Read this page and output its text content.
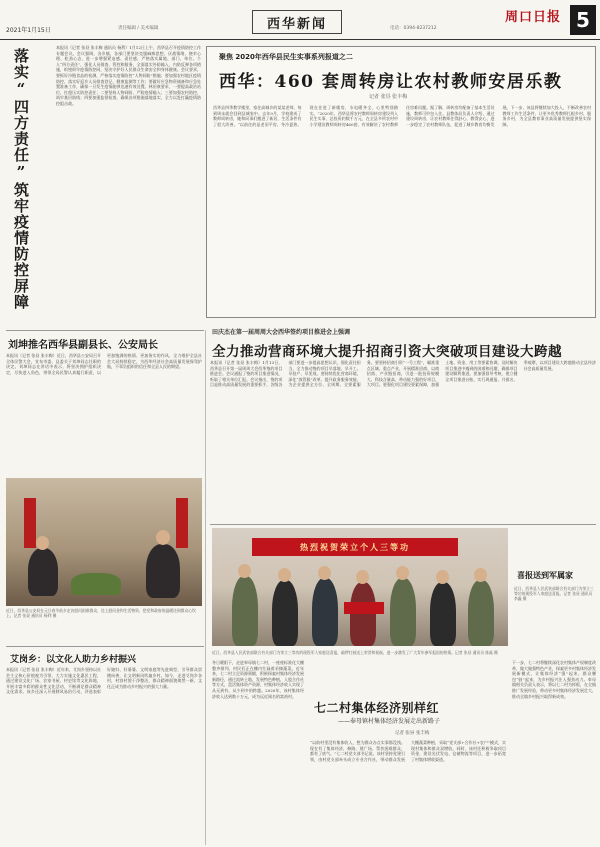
2021年1月15日	责任编辑 / 美术编辑	西华新闻	电话：0394-8237212
周口日报 5
落实“四方责任”筑牢疫情防控屏障
本报讯（记者 张昼 张丰梅 通讯员 杨利）1月12日上午，西华县召开疫情防控工作专题会议。会议强调，各乡镇、各部门要坚决克服麻痹思想、厌战情绪、侥幸心理、松劲心态，进一步增强紧迫感、责任感，严格落实属地、部门、单位、个人“四方责任”，强化人员排查、管控和服务，全面落实外防输入、内防反弹各项措施，织密织牢疫情防控网，坚决守护好人民群众生命安全和身体健康。会议要求，要抓好冷链食品的检测，严格落实疫情防控“人物同防”措施；要加强农村地区疫情防控，落实好返乡人员排查登记、健康监测等工作；要做好应急物资储备和应急处置准备工作，确保一旦发生疫情能够迅速有效处置。林田康要求，一要提高政治站位，扛稳压实防控责任；二要坚持人物同防，严防疫情输入；三要加强农村防控，筑牢基层防线；四要加强监督检查，确保各项措施落地落实，全力以赴打赢疫情防控阻击战。
聚焦 2020年西华县民生实事系列报道之二
西华：460 套周转房让农村教师安居乐教
记者 张昼 张丰梅
西华县四季教学楼里，家住高城乡的某某老师，每到周末就会回到县城家中。去年9月，学校建成了教师周转房，她和同事们搬进了新居，生活条件有了很大改善。“以前住的是老旧平房，冬冷夏热，现在住进了新楼房，水电暖齐全，心里特别踏实。”2020年，西华县将农村教师周转房建设列入民生实事，总投资约数千万元，在全县多所农村中小学建设教师周转房460套，有效解决了农村教师住房难问题。据了解，周转房均配备了基本生活设施，教师可拎包入住。县教体局负责人介绍，通过建设周转房，让农村教师住得舒心、教得安心，进一步稳定了农村教师队伍，促进了城乡教育均衡发展。下一步，该县将继续加大投入，不断改善农村教师工作生活条件，让更多优秀教师扎根乡村、服务乡村，为全县教育事业高质量发展提供坚实保障。
刘坤推名西华县副县长、公安局长
本报讯（记者 张昼 张丰梅）近日，西华县公安局召开全体民警大会，宣布市委、县委关于刘坤同志任职的决定。刘坤同志在讲话中表示，将坚决拥护组织决定，尽快进入角色，带领全局民警认真履行职责，以更加饱满的热情、更加务实的作风，全力维护全县社会大局持续稳定，为西华经济社会高质量发展保驾护航，不辜负组织的信任和全县人民的期望。
近日，西华县公安局在元旦春节前夕走访慰问困难群众，送上慰问金和生活物资，把党和政府的温暖送到群众心坎上。记者 张昼 通讯员 杨利 摄
艾岗乡：以文化人助力乡村振兴
本报讯（记者 张昼 张丰梅）近年来，艾岗乡坚持以社会主义核心价值观为引领，大力实施文化惠民工程，通过建设文化广场、农家书屋、村史馆等文化阵地，开展丰富多彩的群众性文化活动，不断满足群众精神文化需求。该乡还深入开展移风易俗行动，评选表彰好媳妇、好婆婆、文明家庭等先进典型，引导群众崇德向善，让文明新风吹遍乡村。如今，走进艾岗乡各村，村容村貌干净整洁，群众精神面貌焕然一新，文化正成为推动乡村振兴的强大力量。
田庆杰在第一届周周大会西华签约项目推进会上强调
全力推动营商环境大提升招商引资大突破项目建设大跨越
本报讯（记者 张昼 张丰梅）1月13日，西华县召开第一届周周大会西华签约项目推进会。会议通报了签约项目推进情况，听取了相关单位汇报。会议指出，签约项目是推动高质量发展的重要抓手，各级各部门要进一步提高思想认识，强化责任担当，全力推动签约项目早落地、早开工、早投产、早见效。要持续优化营商环境，深化“放管服”改革，提升政务服务效能，为企业提供全方位、全周期、全要素服务。要坚持招商引资“一号工程”，瞄准重点区域、重点产业，开展精准招商、以商招商、产业链招商，引进一批投资规模大、科技含量高、带动能力强的好项目、大项目。要强化项目建设要素保障，加强土地、资金、用工等要素协调，及时解决项目推进中遇到的困难和问题，确保项目建设顺利推进。要加强督导考核，建立健全项目推进台账，实行周通报、月排名、季观摩，以项目建设大跨越推动全县经济社会高质量发展。
热烈祝贺荣立个人三等功
喜报送到军属家
近日，西华县人民武装部联合有关部门为荣立三等功的现役军人家庭送喜报。记者 张昼 通讯员 李鑫 摄
近日，西华县人民武装部联合有关部门为荣立三等功的现役军人家庭送喜报，敲锣打鼓送上荣誉和祝福，进一步激发了广大青年参军报国的热情。记者 张昼 通讯员 陈磊 摄
冬日暖阳下，走进奉母镇七二村，一座座标准化大棚整齐排列，村民们正在棚内忙碌着采摘蔬菜。近年来，七二村立足资源禀赋，积极探索村集体经济发展新路径，通过流转土地、发展特色种植、入股合作社等方式，盘活集体资产资源，村集体经济收入实现了从无到有、从少到多的跨越。2020年，该村集体经济收入达到数十万元，成为远近闻名的富裕村。
七二村集体经济别样红
——奉母镇村集体经济发展走出新路子
记者 张昼 张丰梅
“以前村里没有集体收入，想为群众办点实事都没钱。现在有了集体经济，修路、建广场、帮扶困难群众，都有了底气。”七二村党支部书记说。该村坚持党建引领，由村党支部牵头成立专业合作社，带动群众发展大棚蔬菜种植，采取“党支部+合作社+农户”模式，实现村集体和群众双增收。同时，该村还积极争取项目资金，建设光伏发电、仓储物流等项目，进一步拓宽了村集体增收渠道。
下一步，七二村将继续深化农村集体产权制度改革，做大做强特色产业，探索更多村集体经济发展新模式，让集体经济“强”起来、群众腰包“鼓”起来，为乡村振兴注入强劲动力。奉母镇相关负责人表示，将以七二村为样板，在全镇推广发展经验，带动更多村集体经济发展壮大，推动全镇乡村振兴取得新成效。
